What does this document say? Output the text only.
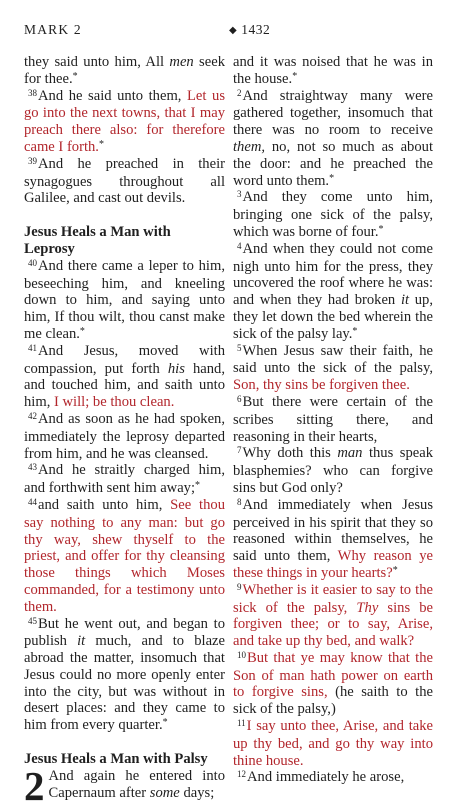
MARK 2	◆ 1432

they said unto him, All men seek for thee.*

$^{38}$And he said unto them, Let us go into the next towns, that I may preach there also: for therefore came I forth.*

$^{39}$And he preached in their synagogues throughout all Galilee, and cast out devils.

Jesus Heals a Man with Leprosy

$^{40}$And there came a leper to him, beseeching him, and kneeling down to him, and saying unto him, If thou wilt, thou canst make me clean.*

$^{41}$And Jesus, moved with compassion, put forth his hand, and touched him, and saith unto him, I will; be thou clean.

$^{42}$And as soon as he had spoken, immediately the leprosy departed from him, and he was cleansed.

$^{43}$And he straitly charged him, and forthwith sent him away;*

$^{44}$and saith unto him, See thou say nothing to any man: but go thy way, shew thyself to the priest, and offer for thy cleansing those things which Moses commanded, for a testimony unto them.

$^{45}$But he went out, and began to publish it much, and to blaze abroad the matter, insomuch that Jesus could no more openly enter into the city, but was without in desert places: and they came to him from every quarter.*

Jesus Heals a Man with Palsy

2 And again he entered into Capernaum after some days;

and it was noised that he was in the house.*

$^2$And straightway many were gathered together, insomuch that there was no room to receive them, no, not so much as about the door: and he preached the word unto them.*

$^3$And they come unto him, bringing one sick of the palsy, which was borne of four.*

$^4$And when they could not come nigh unto him for the press, they uncovered the roof where he was: and when they had broken it up, they let down the bed wherein the sick of the palsy lay.*

$^5$When Jesus saw their faith, he said unto the sick of the palsy, Son, thy sins be forgiven thee.

$^6$But there were certain of the scribes sitting there, and reasoning in their hearts,

$^7$Why doth this man thus speak blasphemies? who can forgive sins but God only?

$^8$And immediately when Jesus perceived in his spirit that they so reasoned within themselves, he said unto them, Why reason ye these things in your hearts?*

$^9$Whether is it easier to say to the sick of the palsy, Thy sins be forgiven thee; or to say, Arise, and take up thy bed, and walk?

$^{10}$But that ye may know that the Son of man hath power on earth to forgive sins, (he saith to the sick of the palsy,)

$^{11}$I say unto thee, Arise, and take up thy bed, and go thy way into thine house.

$^{12}$And immediately he arose,
